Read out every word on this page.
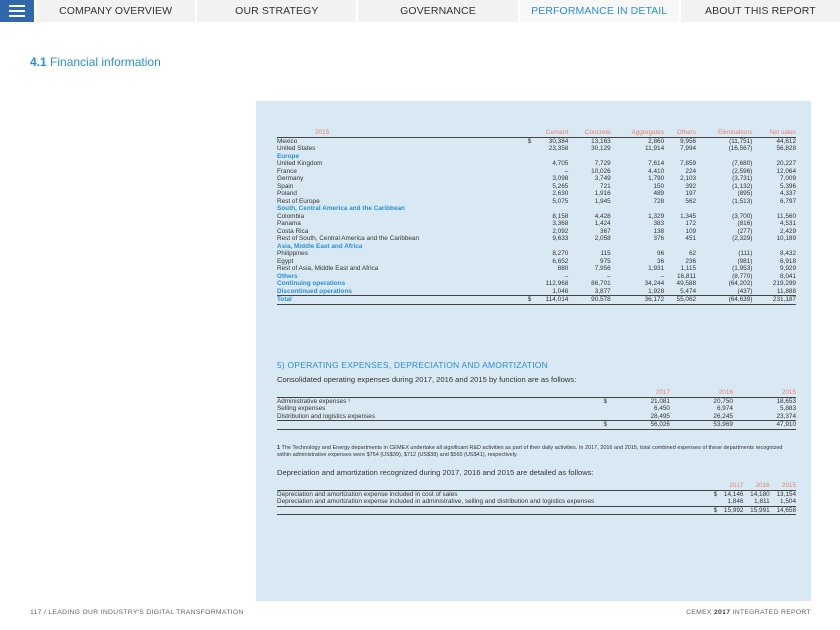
COMPANY OVERVIEW	OUR STRATEGY	GOVERNANCE	PERFORMANCE IN DETAIL	ABOUT THIS REPORT
4.1 Financial information
2015		Cement	Concrete	Aggregates	Others	Eliminations	Net sales
Mexico	$	30,384	13,163	2,860	9,956	(11,751)	44,612
United States		23,358	30,129	11,914	7,994	(16,567)	56,828
Europe							
United Kingdom		4,705	7,729	7,614	7,859	(7,680)	20,227
France		–	10,026	4,410	224	(2,596)	12,064
Germany		3,098	3,749	1,790	2,103	(3,731)	7,009
Spain		5,265	721	150	392	(1,132)	5,396
Poland		2,630	1,916	489	197	(895)	4,337
Rest of Europe		5,075	1,945	728	562	(1,513)	6,797
South, Central America and the Caribbean							
Colombia		8,158	4,428	1,329	1,345	(3,700)	11,560
Panama		3,368	1,424	383	172	(816)	4,531
Costa Rica		2,092	367	138	109	(277)	2,429
Rest of South, Central America and the Caribbean		9,633	2,058	376	451	(2,329)	10,189
Asia, Middle East and Africa							
Philippines		8,270	115	96	62	(111)	8,432
Egypt		6,652	975	36	236	(981)	6,918
Rest of Asia, Middle East and Africa		880	7,956	1,931	1,115	(1,953)	9,929
Others		–	–	–	16,811	(8,770)	8,041
Continuing operations		112,968	86,701	34,244	49,588	(64,202)	219,299
Discontinued operations		1,046	3,877	1,928	5,474	(437)	11,888
Total	$	114,014	90,578	36,172	55,062	(64,639)	231,187
5) OPERATING EXPENSES, DEPRECIATION AND AMORTIZATION
Consolidated operating expenses during 2017, 2016 and 2015 by function are as follows:
		2017	2016	2015
Administrative expenses ¹	$	21,081	20,750	18,653
Selling expenses		6,450	6,974	5,883
Distribution and logistics expenses		28,495	26,245	23,374
	$	56,026	53,969	47,910
1 The Technology and Energy departments in CEMEX undertake all significant R&D activities as part of their daily activities. In 2017, 2016 and 2015, total combined expenses of these departments recognized within administrative expenses were $754 (US$39), $712 (US$38) and $560 (US$41), respectively.
Depreciation and amortization recognized during 2017, 2016 and 2015 are detailed as follows:
		2017	2016	2015
Depreciation and amortization expense included in cost of sales	$	14,146	14,180	13,154
Depreciation and amortization expense included in administrative, selling and distribution and logistics expenses		1,846	1,811	1,504
	$	15,992	15,991	14,658
117 / LEADING OUR INDUSTRY'S DIGITAL TRANSFORMATION	CEMEX 2017 INTEGRATED REPORT
